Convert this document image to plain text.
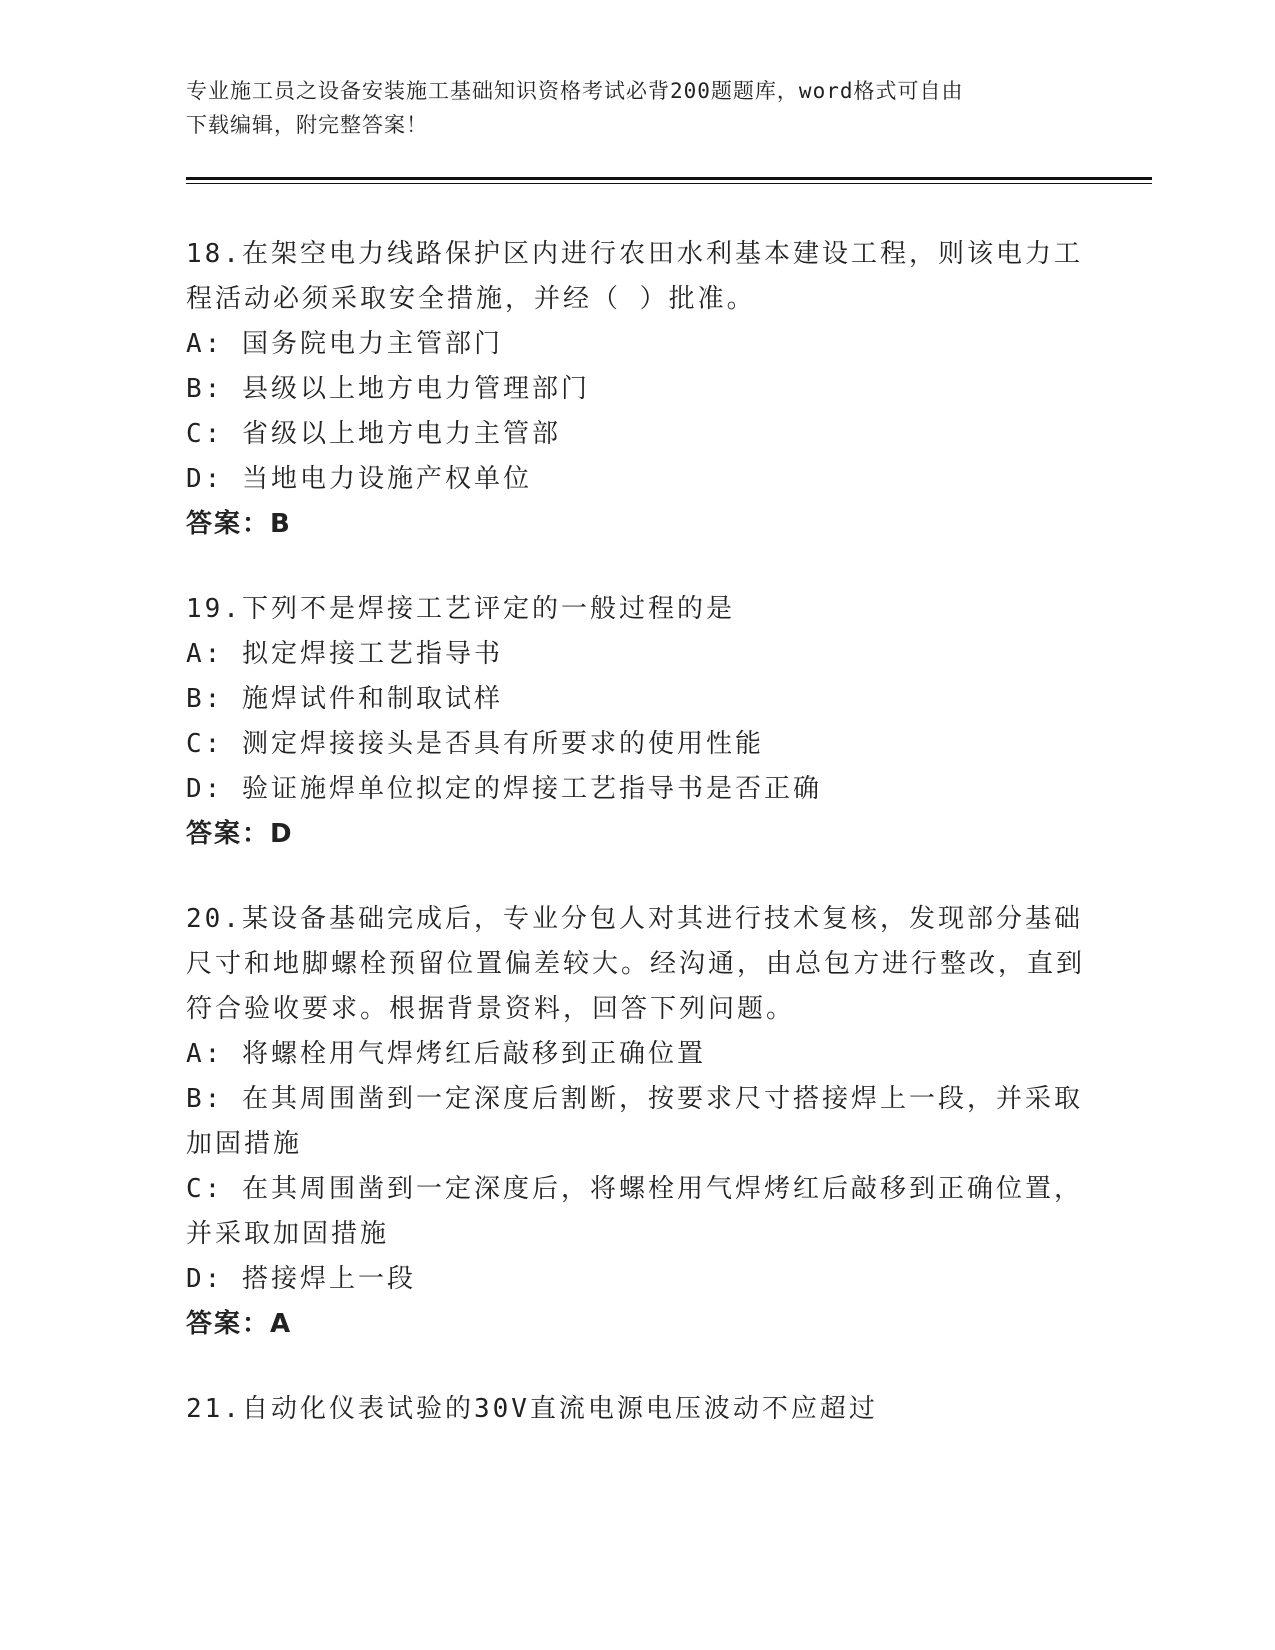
专业施工员之设备安装施工基础知识资格考试必背200题题库，word格式可自由
下载编辑，附完整答案！

18.在架空电力线路保护区内进行农田水利基本建设工程，则该电力工程活动必须采取安全措施，并经（ ）批准。

A: 国务院电力主管部门

B: 县级以上地方电力管理部门

C: 省级以上地方电力主管部

D: 当地电力设施产权单位

答案：B

19.下列不是焊接工艺评定的一般过程的是

A: 拟定焊接工艺指导书

B: 施焊试件和制取试样

C: 测定焊接接头是否具有所要求的使用性能

D: 验证施焊单位拟定的焊接工艺指导书是否正确

答案：D

20.某设备基础完成后，专业分包人对其进行技术复核，发现部分基础尺寸和地脚螺栓预留位置偏差较大。经沟通，由总包方进行整改，直到符合验收要求。根据背景资料，回答下列问题。

A: 将螺栓用气焊烤红后敲移到正确位置

B: 在其周围凿到一定深度后割断，按要求尺寸搭接焊上一段，并采取加固措施

C: 在其周围凿到一定深度后，将螺栓用气焊烤红后敲移到正确位置，并采取加固措施

D: 搭接焊上一段

答案：A

21.自动化仪表试验的30V直流电源电压波动不应超过
